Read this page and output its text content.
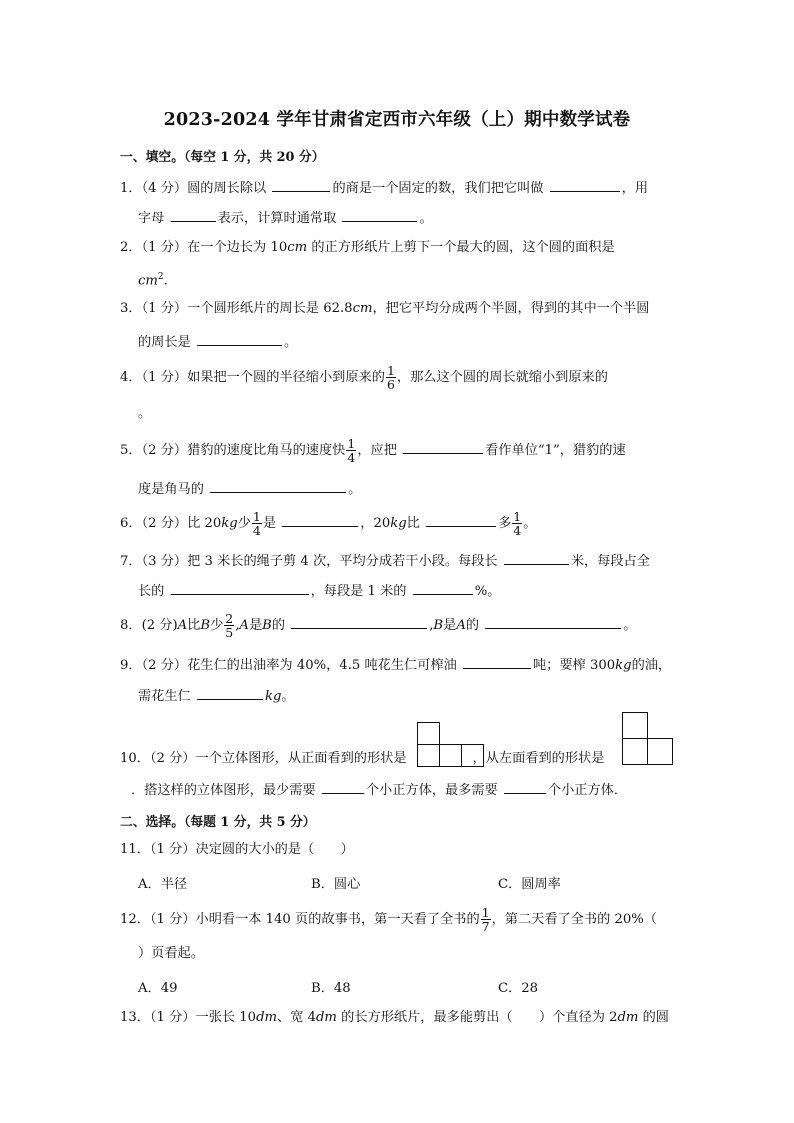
2023-2024 学年甘肃省定西市六年级（上）期中数学试卷
一、填空。（每空 1 分，共 20 分）
1．（4 分）圆的周长除以	的商是一个固定的数，我们把它叫做	，用
字母	表示，计算时通常取	。
2．（1 分）在一个边长为 10cm 的正方形纸片上剪下一个最大的圆，这个圆的面积是
$cm^2$.
3．（1 分）一个圆形纸片的周长是 62.8cm，把它平均分成两个半圆，得到的其中一个半圆
的周长是	。
4．（1 分）如果把一个圆的半径缩小到原来的 $\frac{1}{6}$ ，那么这个圆的周长就缩小到原来的
。
5．（2 分）猎豹的速度比角马的速度快 $\frac{1}{4}$ ，应把	看作单位“1”，猎豹的速
度是角马的	。
6．（2 分）比 20kg少 $\frac{1}{4}$ 是	，20kg比	多 $\frac{1}{4}$ 。
7．（3 分）把 3 米长的绳子剪 4 次，平均分成若干小段。每段长	米，每段占全
长的	，每段是 1 米的	%。
8．(2 分)A比B少 $\frac{2}{5} ,A$是B的	,B是A的	。
9．（2 分）花生仁的出油率为 40%，4.5 吨花生仁可榨油	吨；要榨 300kg的油，
需花生仁	kg。
10．（2 分）一个立体图形，从正面看到的形状是	，从左面看到的形状是
．搭这样的立体图形，最少需要	个小正方体，最多需要	个小正方体．
二、选择。（每题 1 分，共 5 分）
11．（1 分）决定圆的大小的是（　　）
A．半径	B．圆心	C．圆周率
12．（1 分）小明看一本 140 页的故事书，第一天看了全书的 $\frac{1}{7}$ ，第二天看了全书的 20%（
）页看起。
A．49	B．48	C．28
13．（1 分）一张长 10dm、宽 4dm 的长方形纸片，最多能剪出（　　）个直径为 2dm 的圆
